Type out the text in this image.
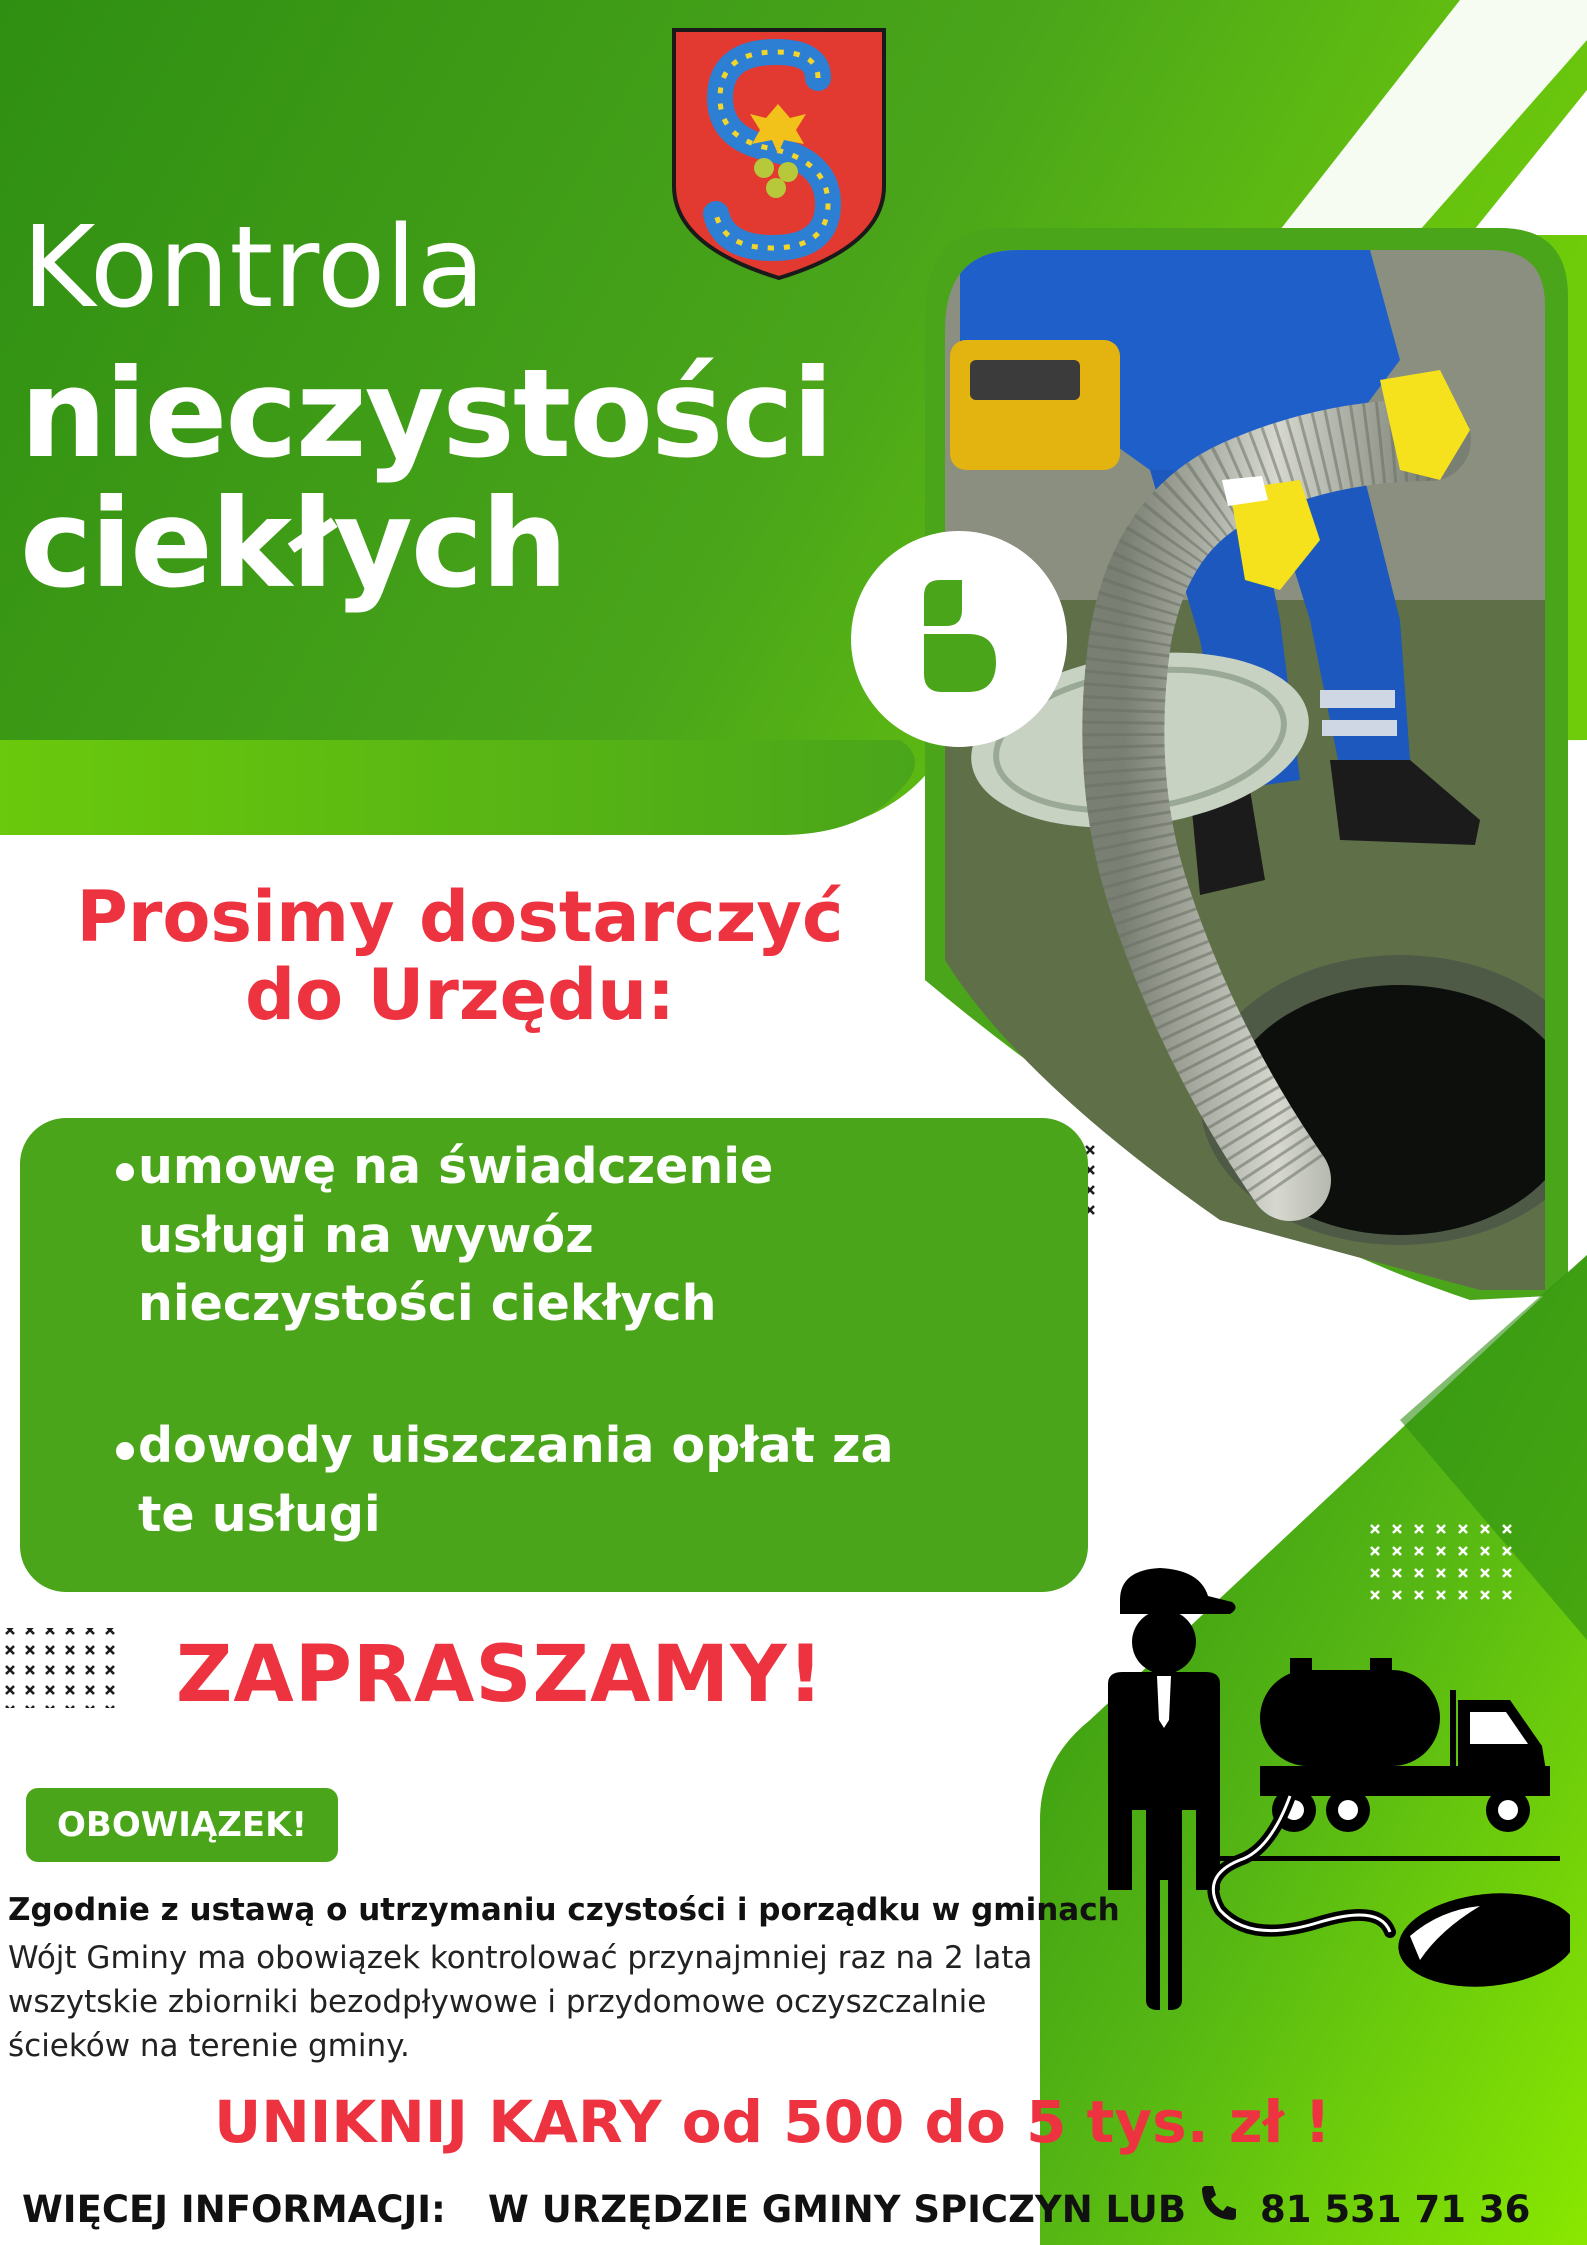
Kontrola
nieczystości
ciekłych
Prosimy dostarczyć
do Urzędu:
umowę na świadczenie
usługi na wywóz
nieczystości ciekłych
dowody uiszczania opłat za
te usługi
ZAPRASZAMY!
OBOWIĄZEK!
Zgodnie z ustawą o utrzymaniu czystości i porządku w gminach
Wójt Gminy ma obowiązek kontrolować przynajmniej raz na 2 lata
wszytskie zbiorniki bezodpływowe i przydomowe oczyszczalnie
ścieków na terenie gminy.
UNIKNIJ KARY od 500 do 5 tys. zł !
WIĘCEJ INFORMACJI: W URZĘDZIE GMINY SPICZYN LUB 81 531 71 36
